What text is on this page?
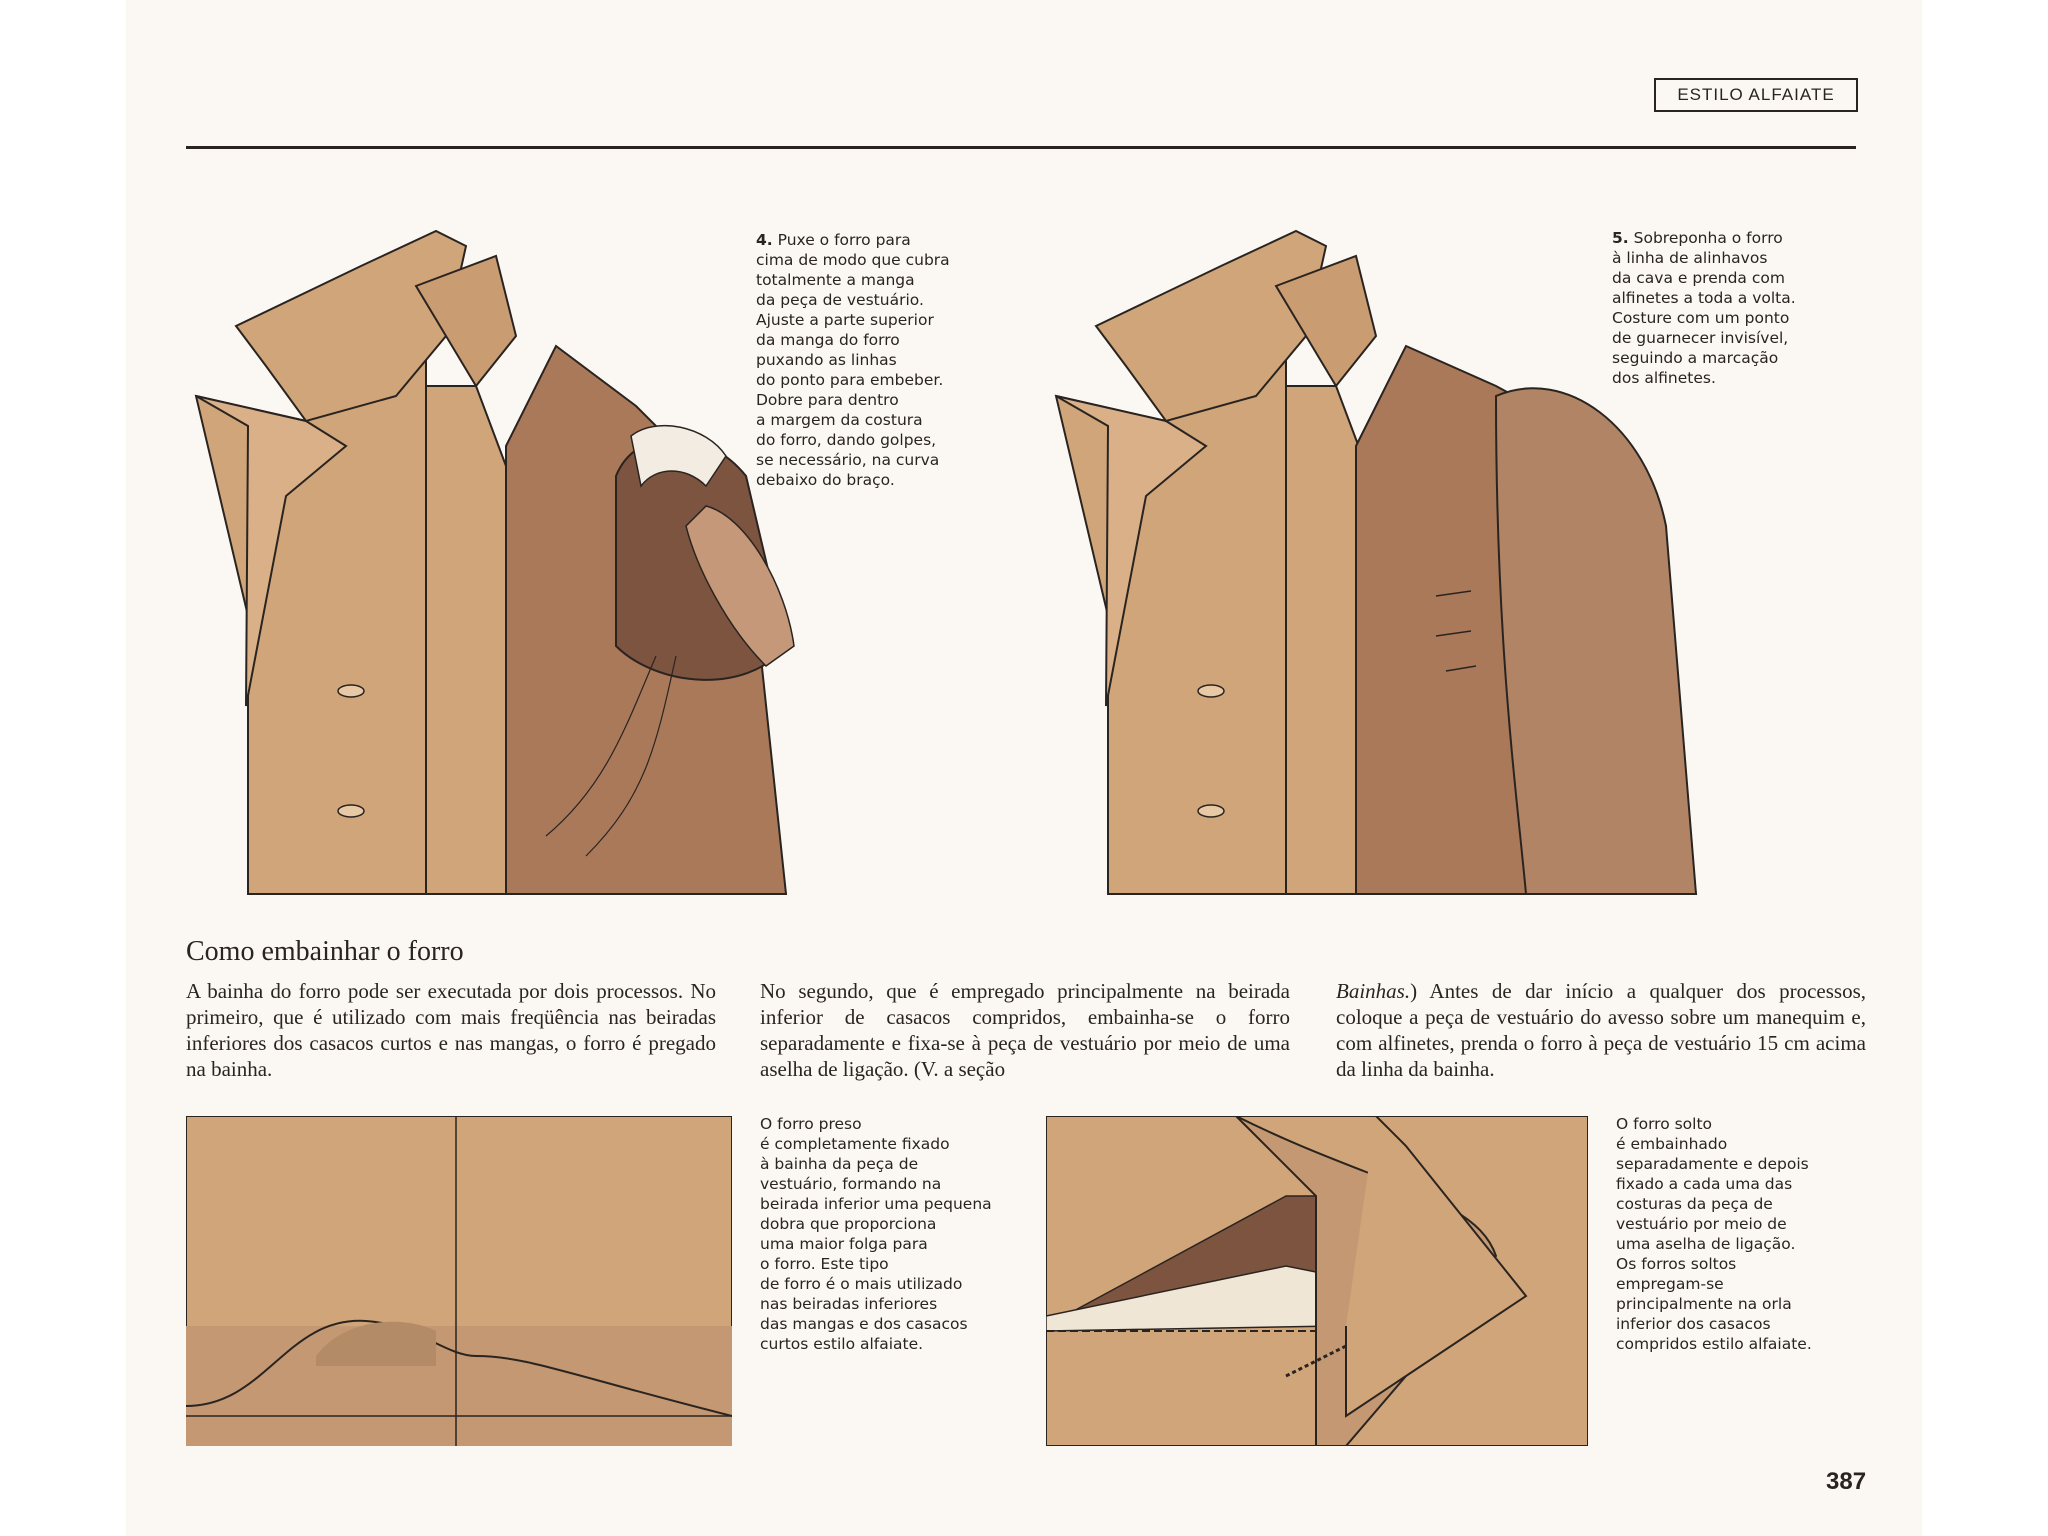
ESTILO ALFAIATE
4. Puxe o forro para
cima de modo que cubra
totalmente a manga
da peça de vestuário.
Ajuste a parte superior
da manga do forro
puxando as linhas
do ponto para embeber.
Dobre para dentro
a margem da costura
do forro, dando golpes,
se necessário, na curva
debaixo do braço.
5. Sobreponha o forro
à linha de alinhavos
da cava e prenda com
alfinetes a toda a volta.
Costure com um ponto
de guarnecer invisível,
seguindo a marcação
dos alfinetes.
Como embainhar o forro
A bainha do forro pode ser executada por dois processos. No primeiro, que é utilizado com mais freqüência nas beiradas inferiores dos casacos curtos e nas mangas, o forro é pregado na bainha.
No segundo, que é empregado principalmente na beirada inferior de casacos compridos, embainha-se o forro separadamente e fixa-se à peça de vestuário por meio de uma aselha de ligação. (V. a seção
Bainhas.) Antes de dar início a qualquer dos processos, coloque a peça de vestuário do avesso sobre um manequim e, com alfinetes, prenda o forro à peça de vestuário 15 cm acima da linha da bainha.
O forro preso
é completamente fixado
à bainha da peça de
vestuário, formando na
beirada inferior uma pequena
dobra que proporciona
uma maior folga para
o forro. Este tipo
de forro é o mais utilizado
nas beiradas inferiores
das mangas e dos casacos
curtos estilo alfaiate.
O forro solto
é embainhado
separadamente e depois
fixado a cada uma das
costuras da peça de
vestuário por meio de
uma aselha de ligação.
Os forros soltos
empregam-se
principalmente na orla
inferior dos casacos
compridos estilo alfaiate.
387
